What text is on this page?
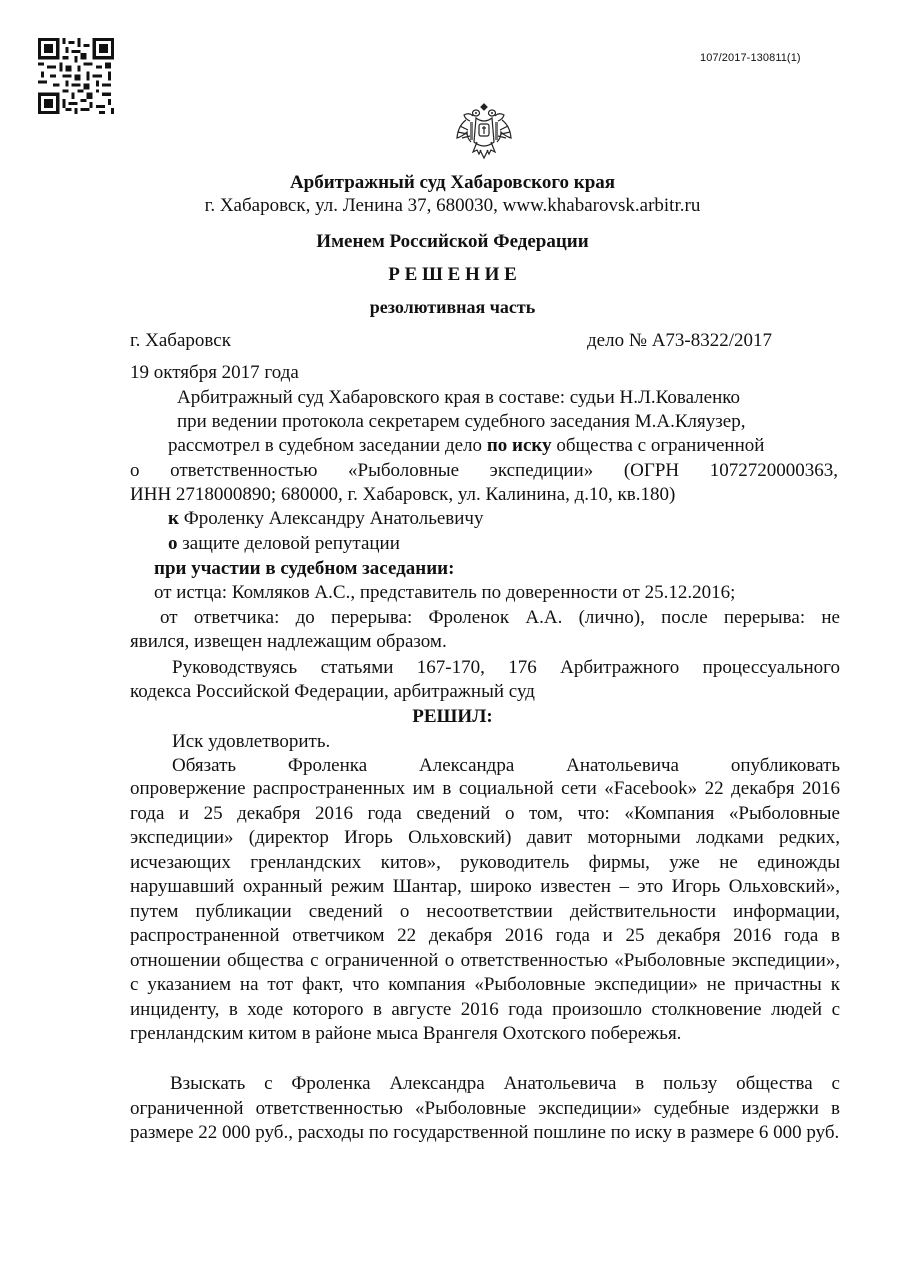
107/2017-130811(1)
Арбитражный суд Хабаровского края
г. Хабаровск, ул. Ленина 37, 680030, www.khabarovsk.arbitr.ru
Именем Российской Федерации
Р Е Ш Е Н И Е
резолютивная часть
г. Хабаровск	дело № А73-8322/2017
19 октября 2017 года
Арбитражный суд Хабаровского края в составе: судьи Н.Л.Коваленко
при ведении протокола секретарем судебного заседания М.А.Кляузер,
рассмотрел в судебном заседании дело по иску общества с ограниченной
о ответственностью «Рыболовные экспедиции» (ОГРН 1072720000363,
ИНН 2718000890; 680000, г. Хабаровск, ул. Калинина, д.10, кв.180)
к Фроленку Александру Анатольевичу
о защите деловой репутации
при участии в судебном заседании:
от истца: Комляков А.С., представитель по доверенности от 25.12.2016;
от ответчика: до перерыва: Фроленок А.А. (лично), после перерыва: не
явился, извещен надлежащим образом.
Руководствуясь статьями 167-170, 176 Арбитражного процессуального
кодекса Российской Федерации, арбитражный суд
РЕШИЛ:
Иск удовлетворить.
Обязать Фроленка Александра Анатольевича опубликовать
опровержение распространенных им в социальной сети «Facebook» 22 декабря 2016 года и 25 декабря 2016 года сведений о том, что: «Компания «Рыболовные экспедиции» (директор Игорь Ольховский) давит моторными лодками редких, исчезающих гренландских китов», руководитель фирмы, уже не единожды нарушавший охранный режим Шантар, широко известен – это Игорь Ольховский», путем публикации сведений о несоответствии действительности информации, распространенной ответчиком 22 декабря 2016 года и 25 декабря 2016 года в отношении общества с ограниченной о ответственностью «Рыболовные экспедиции», с указанием на тот факт, что компания «Рыболовные экспедиции» не причастны к инциденту, в ходе которого в августе 2016 года произошло столкновение людей с гренландским китом в районе мыса Врангеля Охотского побережья.
Взыскать с Фроленка Александра Анатольевича в пользу общества с ограниченной ответственностью «Рыболовные экспедиции» судебные издержки в размере 22 000 руб., расходы по государственной пошлине по иску в размере 6 000 руб.
